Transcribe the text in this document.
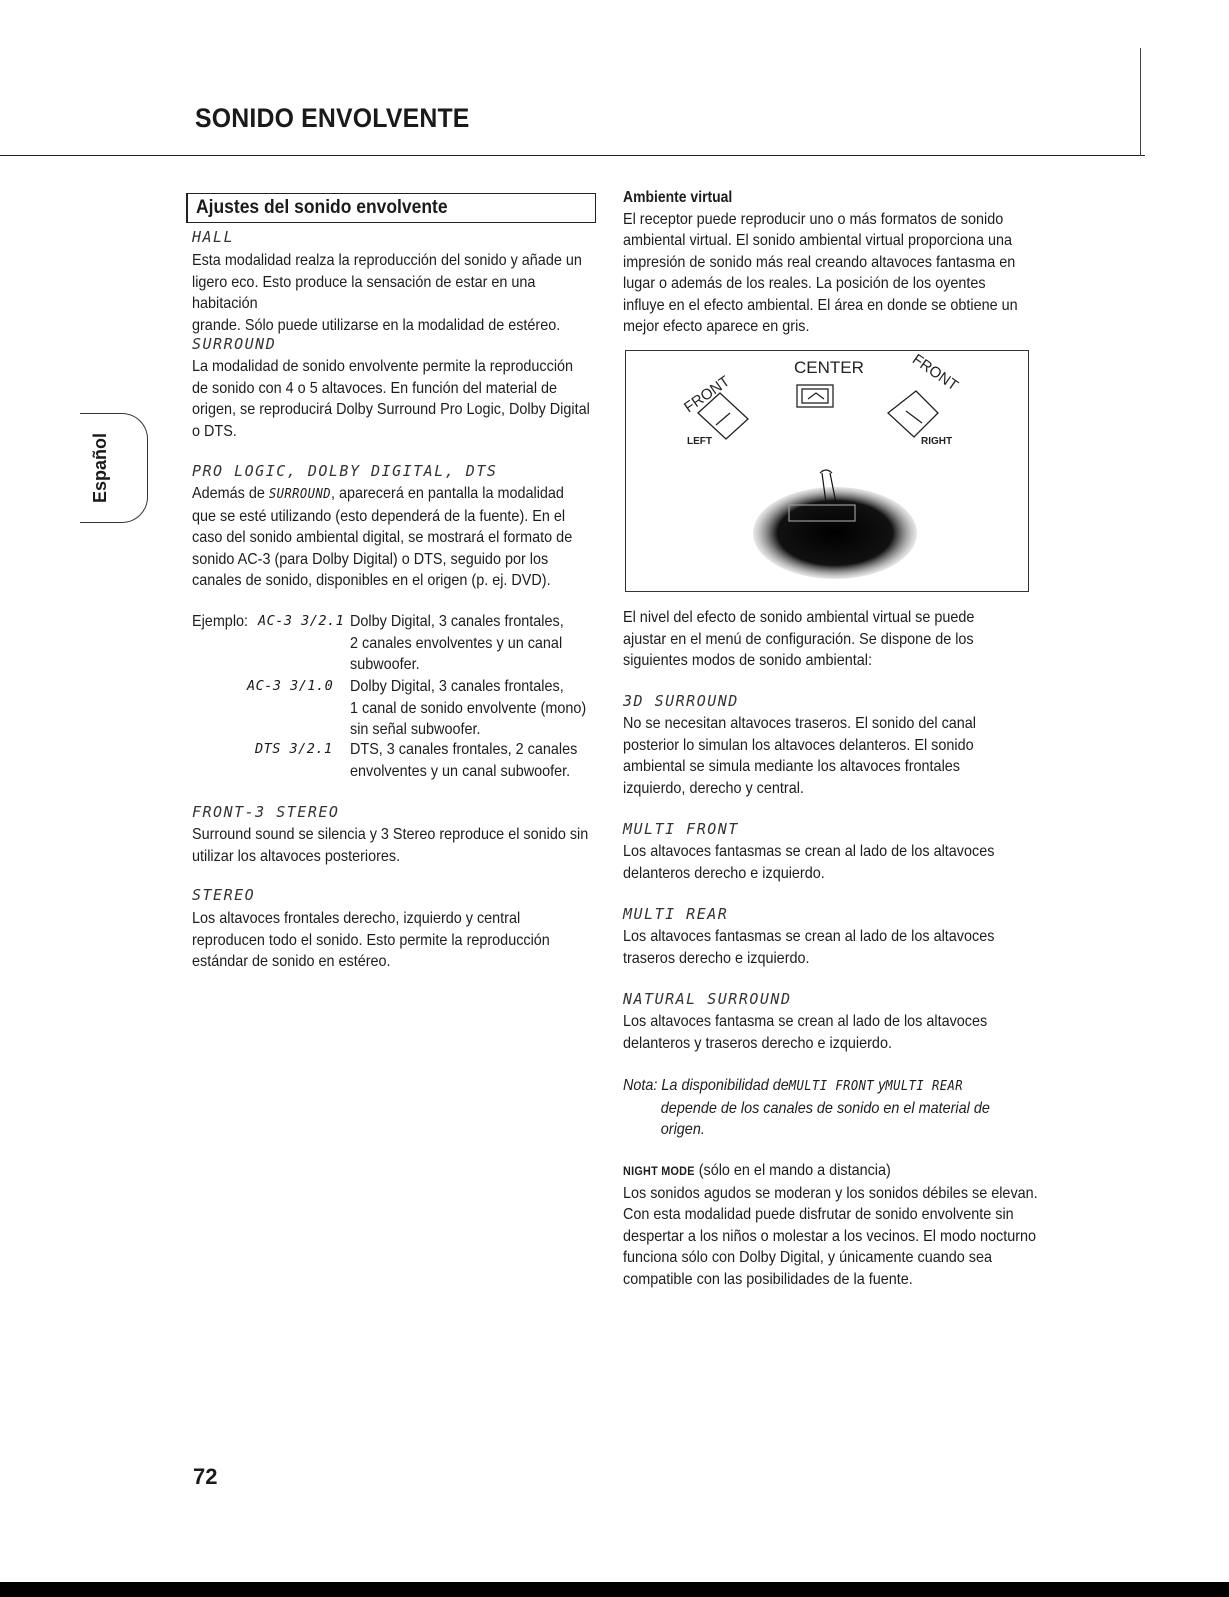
SONIDO ENVOLVENTE
Español
Ajustes del sonido envolvente
HALL
Esta modalidad realza la reproducción del sonido y añade un
ligero eco. Esto produce la sensación de estar en una habitación
grande. Sólo puede utilizarse en la modalidad de estéreo.
SURROUND
La modalidad de sonido envolvente permite la reproducción
de sonido con 4 o 5 altavoces. En función del material de
origen, se reproducirá Dolby Surround Pro Logic, Dolby Digital
o DTS.
PRO LOGIC, DOLBY DIGITAL, DTS
Además de SURROUND, aparecerá en pantalla la modalidad
que se esté utilizando (esto dependerá de la fuente). En el
caso del sonido ambiental digital, se mostrará el formato de
sonido AC-3 (para Dolby Digital) o DTS, seguido por los
canales de sonido, disponibles en el origen (p. ej. DVD).
Ejemplo: AC-3 3/2.1 Dolby Digital, 3 canales frontales,
2 canales envolventes y un canal
subwoofer.
AC-3 3/1.0 Dolby Digital, 3 canales frontales,
1 canal de sonido envolvente (mono)
sin señal subwoofer.
DTS 3/2.1 DTS, 3 canales frontales, 2 canales
envolventes y un canal subwoofer.
FRONT-3 STEREO
Surround sound se silencia y 3 Stereo reproduce el sonido sin
utilizar los altavoces posteriores.
STEREO
Los altavoces frontales derecho, izquierdo y central
reproducen todo el sonido. Esto permite la reproducción
estándar de sonido en estéreo.
Ambiente virtual
El receptor puede reproducir uno o más formatos de sonido
ambiental virtual. El sonido ambiental virtual proporciona una
impresión de sonido más real creando altavoces fantasma en
lugar o además de los reales. La posición de los oyentes
influye en el efecto ambiental. El área en donde se obtiene un
mejor efecto aparece en gris.
FRONT
CENTER	FRONT
LEFT	RIGHT
El nivel del efecto de sonido ambiental virtual se puede
ajustar en el menú de configuración. Se dispone de los
siguientes modos de sonido ambiental:
3D SURROUND
No se necesitan altavoces traseros. El sonido del canal
posterior lo simulan los altavoces delanteros. El sonido
ambiental se simula mediante los altavoces frontales
izquierdo, derecho y central.
MULTI FRONT
Los altavoces fantasmas se crean al lado de los altavoces
delanteros derecho e izquierdo.
MULTI REAR
Los altavoces fantasmas se crean al lado de los altavoces
traseros derecho e izquierdo.
NATURAL SURROUND
Los altavoces fantasma se crean al lado de los altavoces
delanteros y traseros derecho e izquierdo.
Nota: La disponibilidad deMULTI FRONT yMULTI REAR
depende de los canales de sonido en el material de
origen.
NIGHT MODE (sólo en el mando a distancia)
Los sonidos agudos se moderan y los sonidos débiles se elevan.
Con esta modalidad puede disfrutar de sonido envolvente sin
despertar a los niños o molestar a los vecinos. El modo nocturno
funciona sólo con Dolby Digital, y únicamente cuando sea
compatible con las posibilidades de la fuente.
72
